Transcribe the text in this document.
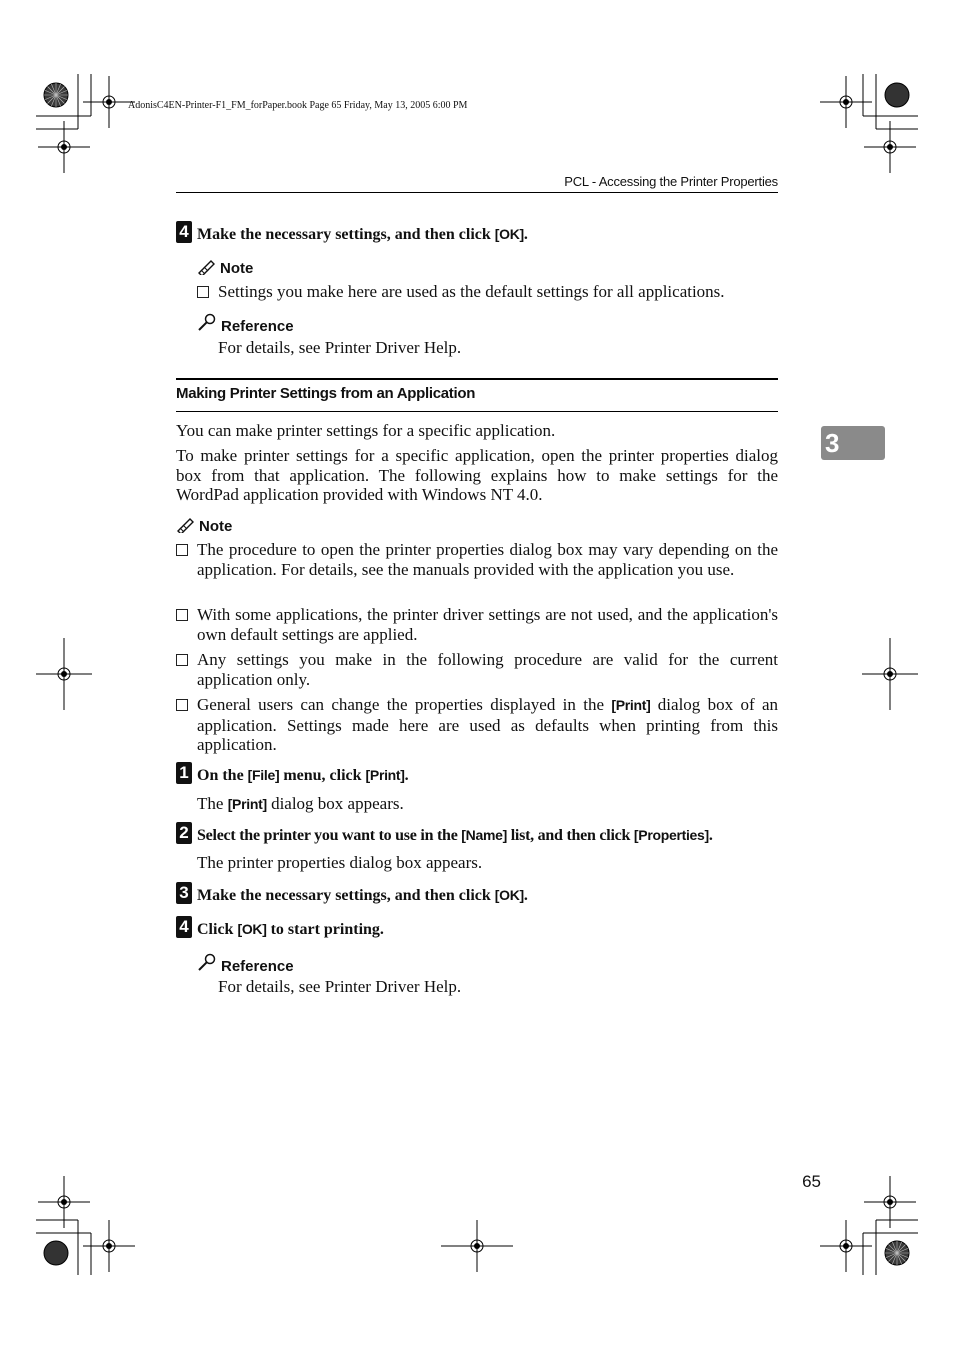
AdonisC4EN-Printer-F1_FM_forPaper.book Page 65 Friday, May 13, 2005 6:00 PM
PCL - Accessing the Printer Properties
3
4 Make the necessary settings, and then click [OK].
Note
Settings you make here are used as the default settings for all applications.
Reference
For details, see Printer Driver Help.
Making Printer Settings from an Application
You can make printer settings for a specific application.
To make printer settings for a specific application, open the printer properties dialog box from that application. The following explains how to make settings for the WordPad application provided with Windows NT 4.0.
Note
The procedure to open the printer properties dialog box may vary depending on the application. For details, see the manuals provided with the application you use.
With some applications, the printer driver settings are not used, and the application's own default settings are applied.
Any settings you make in the following procedure are valid for the current application only.
General users can change the properties displayed in the [Print] dialog box of an application. Settings made here are used as defaults when printing from this application.
1 On the [File] menu, click [Print].
The [Print] dialog box appears.
2 Select the printer you want to use in the [Name] list, and then click [Properties].
The printer properties dialog box appears.
3 Make the necessary settings, and then click [OK].
4 Click [OK] to start printing.
Reference
For details, see Printer Driver Help.
65
